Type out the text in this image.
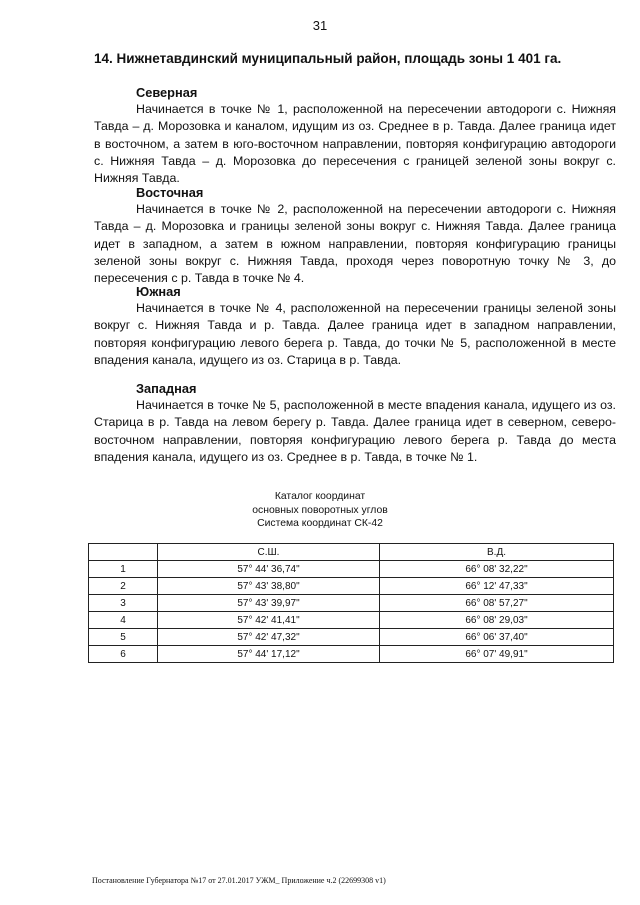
31
14. Нижнетавдинский муниципальный район, площадь зоны 1 401 га.
Северная
Начинается в точке № 1, расположенной на пересечении автодороги с. Нижняя Тавда – д. Морозовка и каналом, идущим из оз. Среднее в р. Тавда. Далее граница идет в восточном, а затем в юго-восточном направлении, повторяя конфигурацию автодороги с. Нижняя Тавда – д. Морозовка до пересечения с границей зеленой зоны вокруг с. Нижняя Тавда.
Восточная
Начинается в точке № 2, расположенной на пересечении автодороги с. Нижняя Тавда – д. Морозовка и границы зеленой зоны вокруг с. Нижняя Тавда. Далее граница идет в западном, а затем в южном направлении, повторяя конфигурацию границы зеленой зоны вокруг с. Нижняя Тавда, проходя через поворотную точку № 3, до пересечения с р. Тавда в точке № 4.
Южная
Начинается в точке № 4, расположенной на пересечении границы зеленой зоны вокруг с. Нижняя Тавда и р. Тавда. Далее граница идет в западном направлении, повторяя конфигурацию левого берега р. Тавда, до точки № 5, расположенной в месте впадения канала, идущего из оз. Старица в р. Тавда.
Западная
Начинается в точке № 5, расположенной в месте впадения канала, идущего из оз. Старица в р. Тавда на левом берегу р. Тавда. Далее граница идет в северном, северо-восточном направлении, повторяя конфигурацию левого берега р. Тавда до места впадения канала, идущего из оз. Среднее в р. Тавда, в точке № 1.
Каталог координат
основных поворотных углов
Система координат СК-42
	С.Ш.	В.Д.
1	57° 44' 36,74"	66° 08' 32,22"
2	57° 43' 38,80"	66° 12' 47,33"
3	57° 43' 39,97"	66° 08' 57,27"
4	57° 42' 41,41"	66° 08' 29,03"
5	57° 42' 47,32"	66° 06' 37,40"
6	57° 44' 17,12"	66° 07' 49,91"
Постановление Губернатора №17 от 27.01.2017 УЖМ_ Приложение ч.2 (22699308 v1)
